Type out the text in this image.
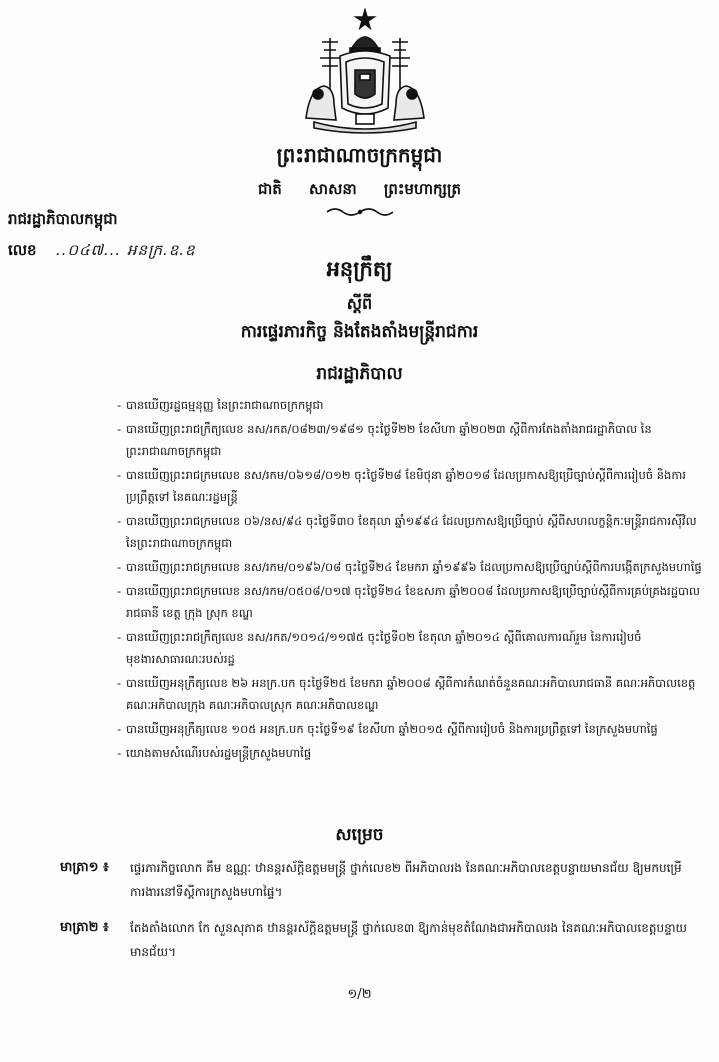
ព្រះរាជាណាចក្រកម្ពុជា
ជាតិ សាសនា ព្រះមហាក្សត្រ
រាជរដ្ឋាភិបាលកម្ពុជា
លេខ ..០៤៧... អនក្រ.ឧ.ឧ
អនុក្រឹត្យ
ស្ដីពី
ការផ្ទេរភារកិច្ច និងតែងតាំងមន្ត្រីរាជការ
រាជរដ្ឋាភិបាល
- បានឃើញរដ្ឋធម្មនុញ្ញ នៃព្រះរាជាណាចក្រកម្ពុជា
- បានឃើញព្រះរាជក្រឹត្យលេខ នស/រកត/០៨២៣/១៩៨១ ចុះថ្ងៃទី២២ ខែសីហា ឆ្នាំ២០២៣ ស្ដីពីការតែងតាំងរាជរដ្ឋាភិបាល នៃព្រះរាជាណាចក្រកម្ពុជា
- បានឃើញព្រះរាជក្រមលេខ នស/រកម/០៦១៨/០១២ ចុះថ្ងៃទី២៨ ខែមិថុនា ឆ្នាំ២០១៨ ដែលប្រកាសឱ្យប្រើច្បាប់ស្ដីពីការរៀបចំ និងការប្រព្រឹត្តទៅ នៃគណៈរដ្ឋមន្ត្រី
- បានឃើញព្រះរាជក្រមលេខ ០៦/នស/៩៤ ចុះថ្ងៃទី៣០ ខែតុលា ឆ្នាំ១៩៩៤ ដែលប្រកាសឱ្យប្រើច្បាប់ ស្ដីពីសហលក្ខន្តិកៈមន្ត្រីរាជការស៊ីវិល នៃព្រះរាជាណាចក្រកម្ពុជា
- បានឃើញព្រះរាជក្រមលេខ នស/រកម/០១៩៦/០៨ ចុះថ្ងៃទី២៤ ខែមករា ឆ្នាំ១៩៩៦ ដែលប្រកាសឱ្យប្រើច្បាប់ស្ដីពីការបង្កើតក្រសួងមហាផ្ទៃ
- បានឃើញព្រះរាជក្រមលេខ នស/រកម/០៥០៨/០១៧ ចុះថ្ងៃទី២៤ ខែឧសភា ឆ្នាំ២០០៨ ដែលប្រកាសឱ្យប្រើច្បាប់ស្ដីពីការគ្រប់គ្រងរដ្ឋបាលរាជធានី ខេត្ត ក្រុង ស្រុក ខណ្ឌ
- បានឃើញព្រះរាជក្រឹត្យលេខ នស/រកត/១០១៤/១១៧៥ ចុះថ្ងៃទី០២ ខែតុលា ឆ្នាំ២០១៤ ស្ដីពីគោលការណ៍រួម នៃការរៀបចំមុខងារសាធារណៈរបស់រដ្ឋ
- បានឃើញអនុក្រឹត្យលេខ ២៦ អនក្រ.បក ចុះថ្ងៃទី២៥ ខែមករា ឆ្នាំ២០០៨ ស្ដីពីការកំណត់ចំនួនគណៈអភិបាលរាជធានី គណៈអភិបាលខេត្ត គណៈអភិបាលក្រុង គណៈអភិបាលស្រុក គណៈអភិបាលខណ្ឌ
- បានឃើញអនុក្រឹត្យលេខ ១០៥ អនក្រ.បក ចុះថ្ងៃទី១៩ ខែសីហា ឆ្នាំ២០១៥ ស្ដីពីការរៀបចំ និងការប្រព្រឹត្តទៅ នៃក្រសួងមហាផ្ទៃ
- យោងតាមសំណើរបស់រដ្ឋមន្ត្រីក្រសួងមហាផ្ទៃ
សម្រេច
មាត្រា១ ៖	ផ្ទេរភារកិច្ចលោក គឹម ឧណ្ណៈ ឋានន្តរស័ក្តិឧត្តមមន្ត្រី ថ្នាក់លេខ២ ពីអភិបាលរង នៃគណៈអភិបាលខេត្តបន្ទាយមានជ័យ ឱ្យមកបម្រើការងារនៅទីស្ដីការក្រសួងមហាផ្ទៃ។
មាត្រា២ ៖	តែងតាំងលោក កែ សួនសុភាគ ឋានន្តរស័ក្តិឧត្តមមន្ត្រី ថ្នាក់លេខ៣ ឱ្យកាន់មុខតំណែងជាអភិបាលរង នៃគណៈអភិបាលខេត្តបន្ទាយមានជ័យ។
១/២
